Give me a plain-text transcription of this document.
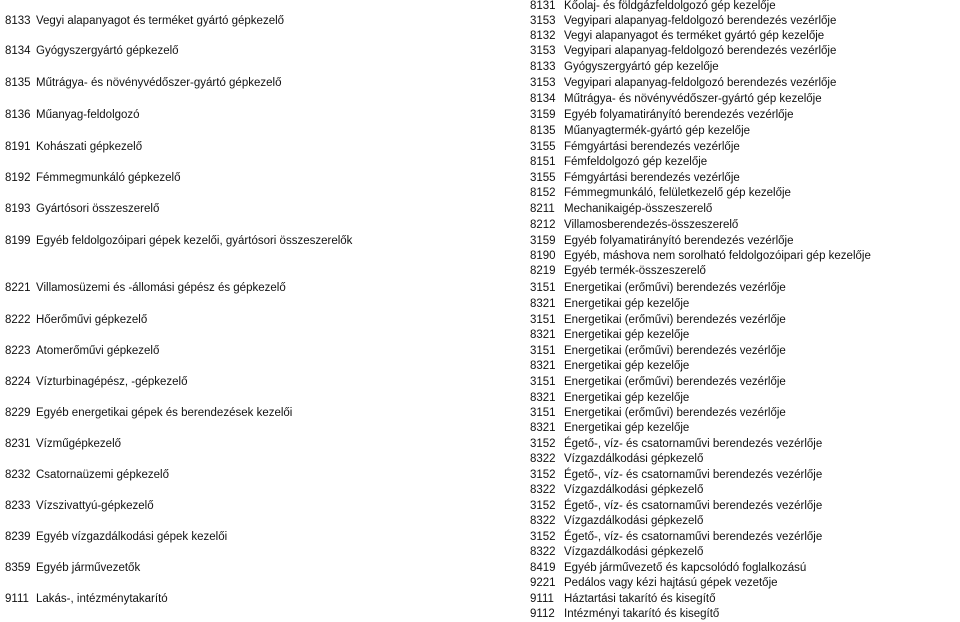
8131 Kőolaj- és földgázfeldolgozó gép kezelője
8133 Vegyi alapanyagot és terméket gyártó gépkezelő	3153 Vegyipari alapanyag-feldolgozó berendezés vezérlője
8132 Vegyi alapanyagot és terméket gyártó gép kezelője
8134 Gyógyszergyártó gépkezelő	3153 Vegyipari alapanyag-feldolgozó berendezés vezérlője
8133 Gyógyszergyártó gép kezelője
8135 Műtrágya- és növényvédőszer-gyártó gépkezelő	3153 Vegyipari alapanyag-feldolgozó berendezés vezérlője
8134 Műtrágya- és növényvédőszer-gyártó gép kezelője
8136 Műanyag-feldolgozó	3159 Egyéb folyamatirányító berendezés vezérlője
8135 Műanyagtermék-gyártó gép kezelője
8191 Kohászati gépkezelő	3155 Fémgyártási berendezés vezérlője
8151 Fémfeldolgozó gép kezelője
8192 Fémmegmunkáló gépkezelő	3155 Fémgyártási berendezés vezérlője
8152 Fémmegmunkáló, felületkezelő gép kezelője
8193 Gyártósori összeszerelő	8211 Mechanikaigép-összeszerelő
8212 Villamosberendezés-összeszerelő
8199 Egyéb feldolgozóipari gépek kezelői, gyártósori összeszerelők	3159 Egyéb folyamatirányító berendezés vezérlője
8190 Egyéb, máshova nem sorolható feldolgozóipari gép kezelője
8219 Egyéb termék-összeszerelő
8221 Villamosüzemi és -állomási gépész és gépkezelő	3151 Energetikai (erőművi) berendezés vezérlője
8321 Energetikai gép kezelője
8222 Hőerőművi gépkezelő	3151 Energetikai (erőművi) berendezés vezérlője
8321 Energetikai gép kezelője
8223 Atomerőművi gépkezelő	3151 Energetikai (erőművi) berendezés vezérlője
8321 Energetikai gép kezelője
8224 Vízturbinagépész, -gépkezelő	3151 Energetikai (erőművi) berendezés vezérlője
8321 Energetikai gép kezelője
8229 Egyéb energetikai gépek és berendezések kezelői	3151 Energetikai (erőművi) berendezés vezérlője
8321 Energetikai gép kezelője
8231 Vízműgépkezelő	3152 Égető-, víz- és csatornaművi berendezés vezérlője
8322 Vízgazdálkodási gépkezelő
8232 Csatornaüzemi gépkezelő	3152 Égető-, víz- és csatornaművi berendezés vezérlője
8322 Vízgazdálkodási gépkezelő
8233 Vízszivattyú-gépkezelő	3152 Égető-, víz- és csatornaművi berendezés vezérlője
8322 Vízgazdálkodási gépkezelő
8239 Egyéb vízgazdálkodási gépek kezelői	3152 Égető-, víz- és csatornaművi berendezés vezérlője
8322 Vízgazdálkodási gépkezelő
8359 Egyéb járművezetők	8419 Egyéb járművezető és kapcsolódó foglalkozású
9221 Pedálos vagy kézi hajtású gépek vezetője
9111 Lakás-, intézménytakarító	9111 Háztartási takarító és kisegítő
9112 Intézményi takarító és kisegítő
